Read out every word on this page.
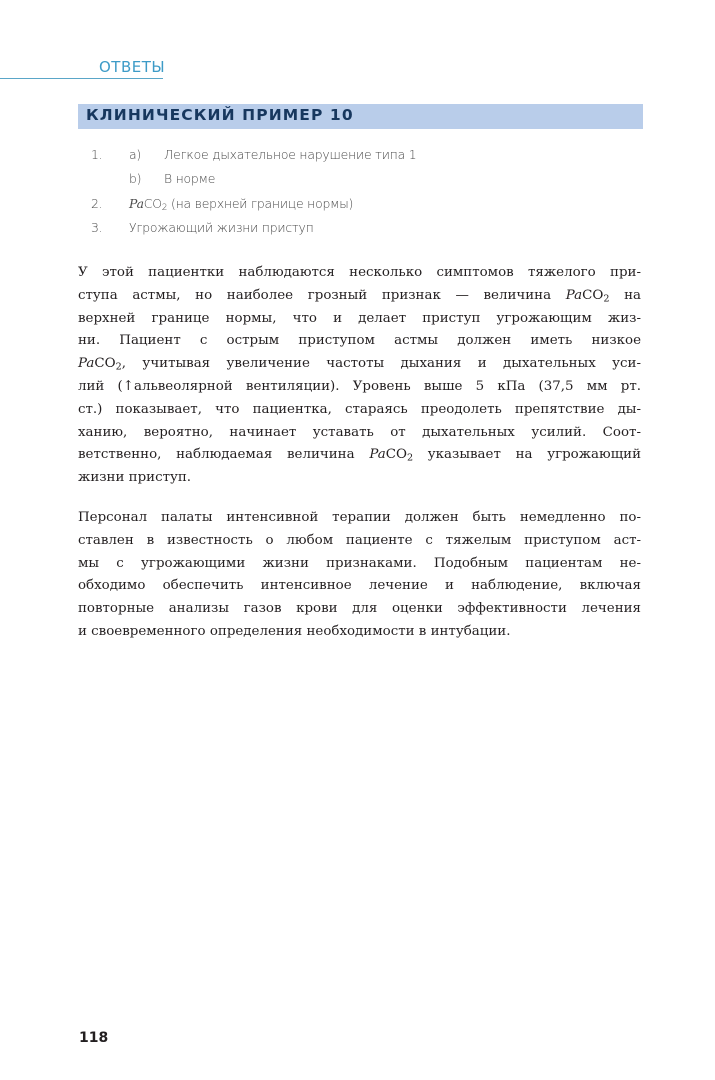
ОТВЕТЫ
КЛИНИЧЕСКИЙ ПРИМЕР 10
1. a) Легкое дыхательное нарушение типа 1
b) В норме
2. PaCO2 (на верхней границе нормы)
3. Угрожающий жизни приступ
У этой пациентки наблюдаются несколько симптомов тяжелого при-
ступа астмы, но наиболее грозный признак — величина PaCO2 на
верхней границе нормы, что и делает приступ угрожающим жиз-
ни. Пациент с острым приступом астмы должен иметь низкое
PaCO2, учитывая увеличение частоты дыхания и дыхательных уси-
лий (↑альвеолярной вентиляции). Уровень выше 5 кПа (37,5 мм рт.
ст.) показывает, что пациентка, стараясь преодолеть препятствие ды-
ханию, вероятно, начинает уставать от дыхательных усилий. Соот-
ветственно, наблюдаемая величина PaCO2 указывает на угрожающий
жизни приступ.
Персонал палаты интенсивной терапии должен быть немедленно по-
ставлен в известность о любом пациенте с тяжелым приступом аст-
мы с угрожающими жизни признаками. Подобным пациентам не-
обходимо обеспечить интенсивное лечение и наблюдение, включая
повторные анализы газов крови для оценки эффективности лечения
и своевременного определения необходимости в интубации.
118
